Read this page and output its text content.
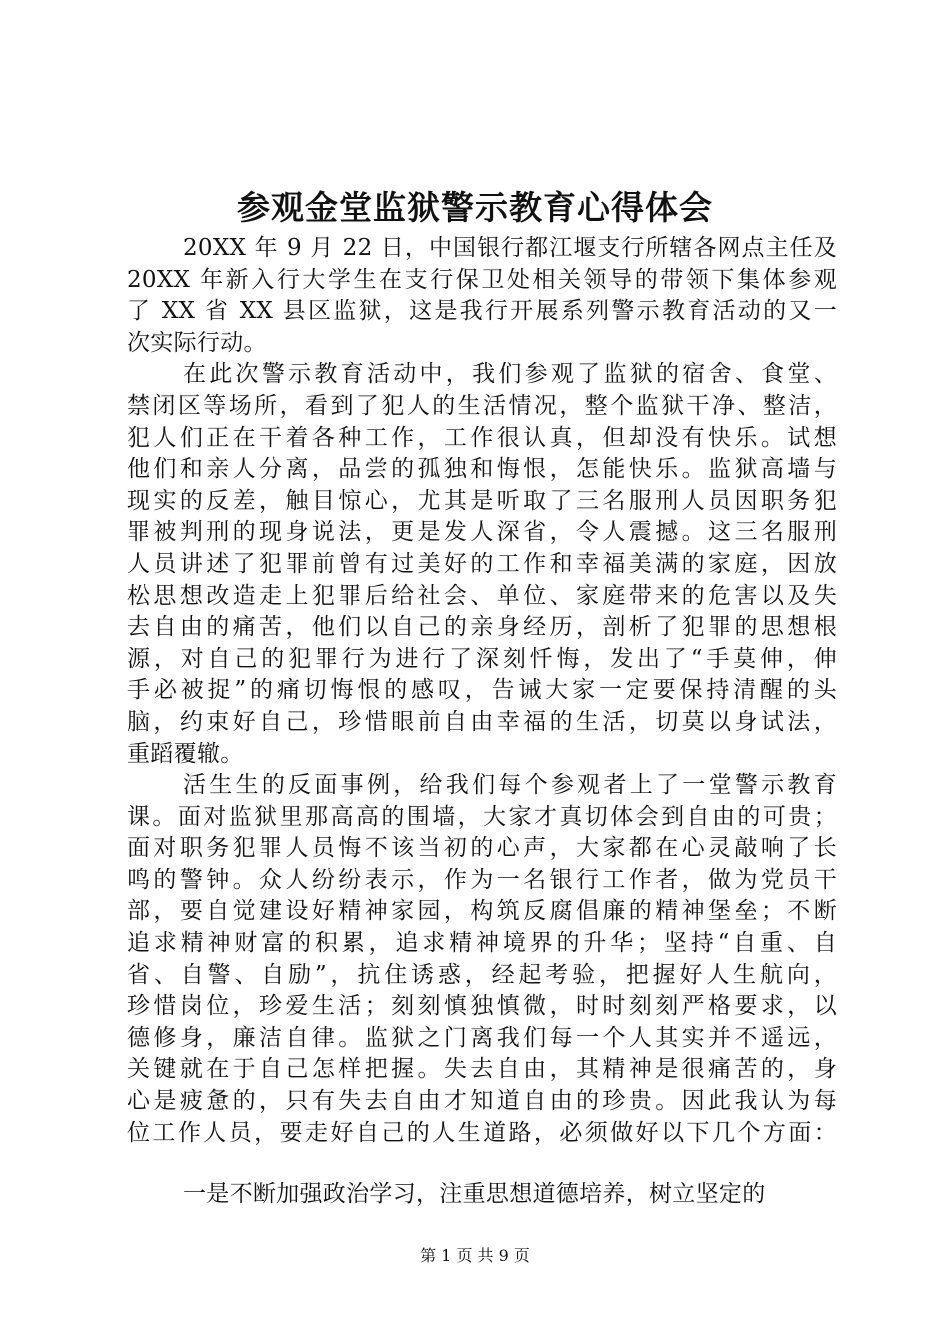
参观金堂监狱警示教育心得体会
20XX 年 9 月 22 日，中国银行都江堰支行所辖各网点主任及
20XX 年新入行大学生在支行保卫处相关领导的带领下集体参观
了 XX 省 XX 县区监狱，这是我行开展系列警示教育活动的又一
次实际行动。
在此次警示教育活动中，我们参观了监狱的宿舍、食堂、
禁闭区等场所，看到了犯人的生活情况，整个监狱干净、整洁，
犯人们正在干着各种工作，工作很认真，但却没有快乐。试想
他们和亲人分离，品尝的孤独和悔恨，怎能快乐。监狱高墙与
现实的反差，触目惊心，尤其是听取了三名服刑人员因职务犯
罪被判刑的现身说法，更是发人深省，令人震撼。这三名服刑
人员讲述了犯罪前曾有过美好的工作和幸福美满的家庭，因放
松思想改造走上犯罪后给社会、单位、家庭带来的危害以及失
去自由的痛苦，他们以自己的亲身经历，剖析了犯罪的思想根
源，对自己的犯罪行为进行了深刻忏悔，发出了“手莫伸，伸
手必被捉”的痛切悔恨的感叹，告诫大家一定要保持清醒的头
脑，约束好自己，珍惜眼前自由幸福的生活，切莫以身试法，
重蹈覆辙。
活生生的反面事例，给我们每个参观者上了一堂警示教育
课。面对监狱里那高高的围墙，大家才真切体会到自由的可贵；
面对职务犯罪人员悔不该当初的心声，大家都在心灵敲响了长
鸣的警钟。众人纷纷表示，作为一名银行工作者，做为党员干
部，要自觉建设好精神家园，构筑反腐倡廉的精神堡垒；不断
追求精神财富的积累，追求精神境界的升华；坚持“自重、自
省、自警、自励”，抗住诱惑，经起考验，把握好人生航向，
珍惜岗位，珍爱生活；刻刻慎独慎微，时时刻刻严格要求，以
德修身，廉洁自律。监狱之门离我们每一个人其实并不遥远，
关键就在于自己怎样把握。失去自由，其精神是很痛苦的，身
心是疲惫的，只有失去自由才知道自由的珍贵。因此我认为每
位工作人员，要走好自己的人生道路，必须做好以下几个方面：
一是不断加强政治学习，注重思想道德培养，树立坚定的
第 1 页 共 9 页
